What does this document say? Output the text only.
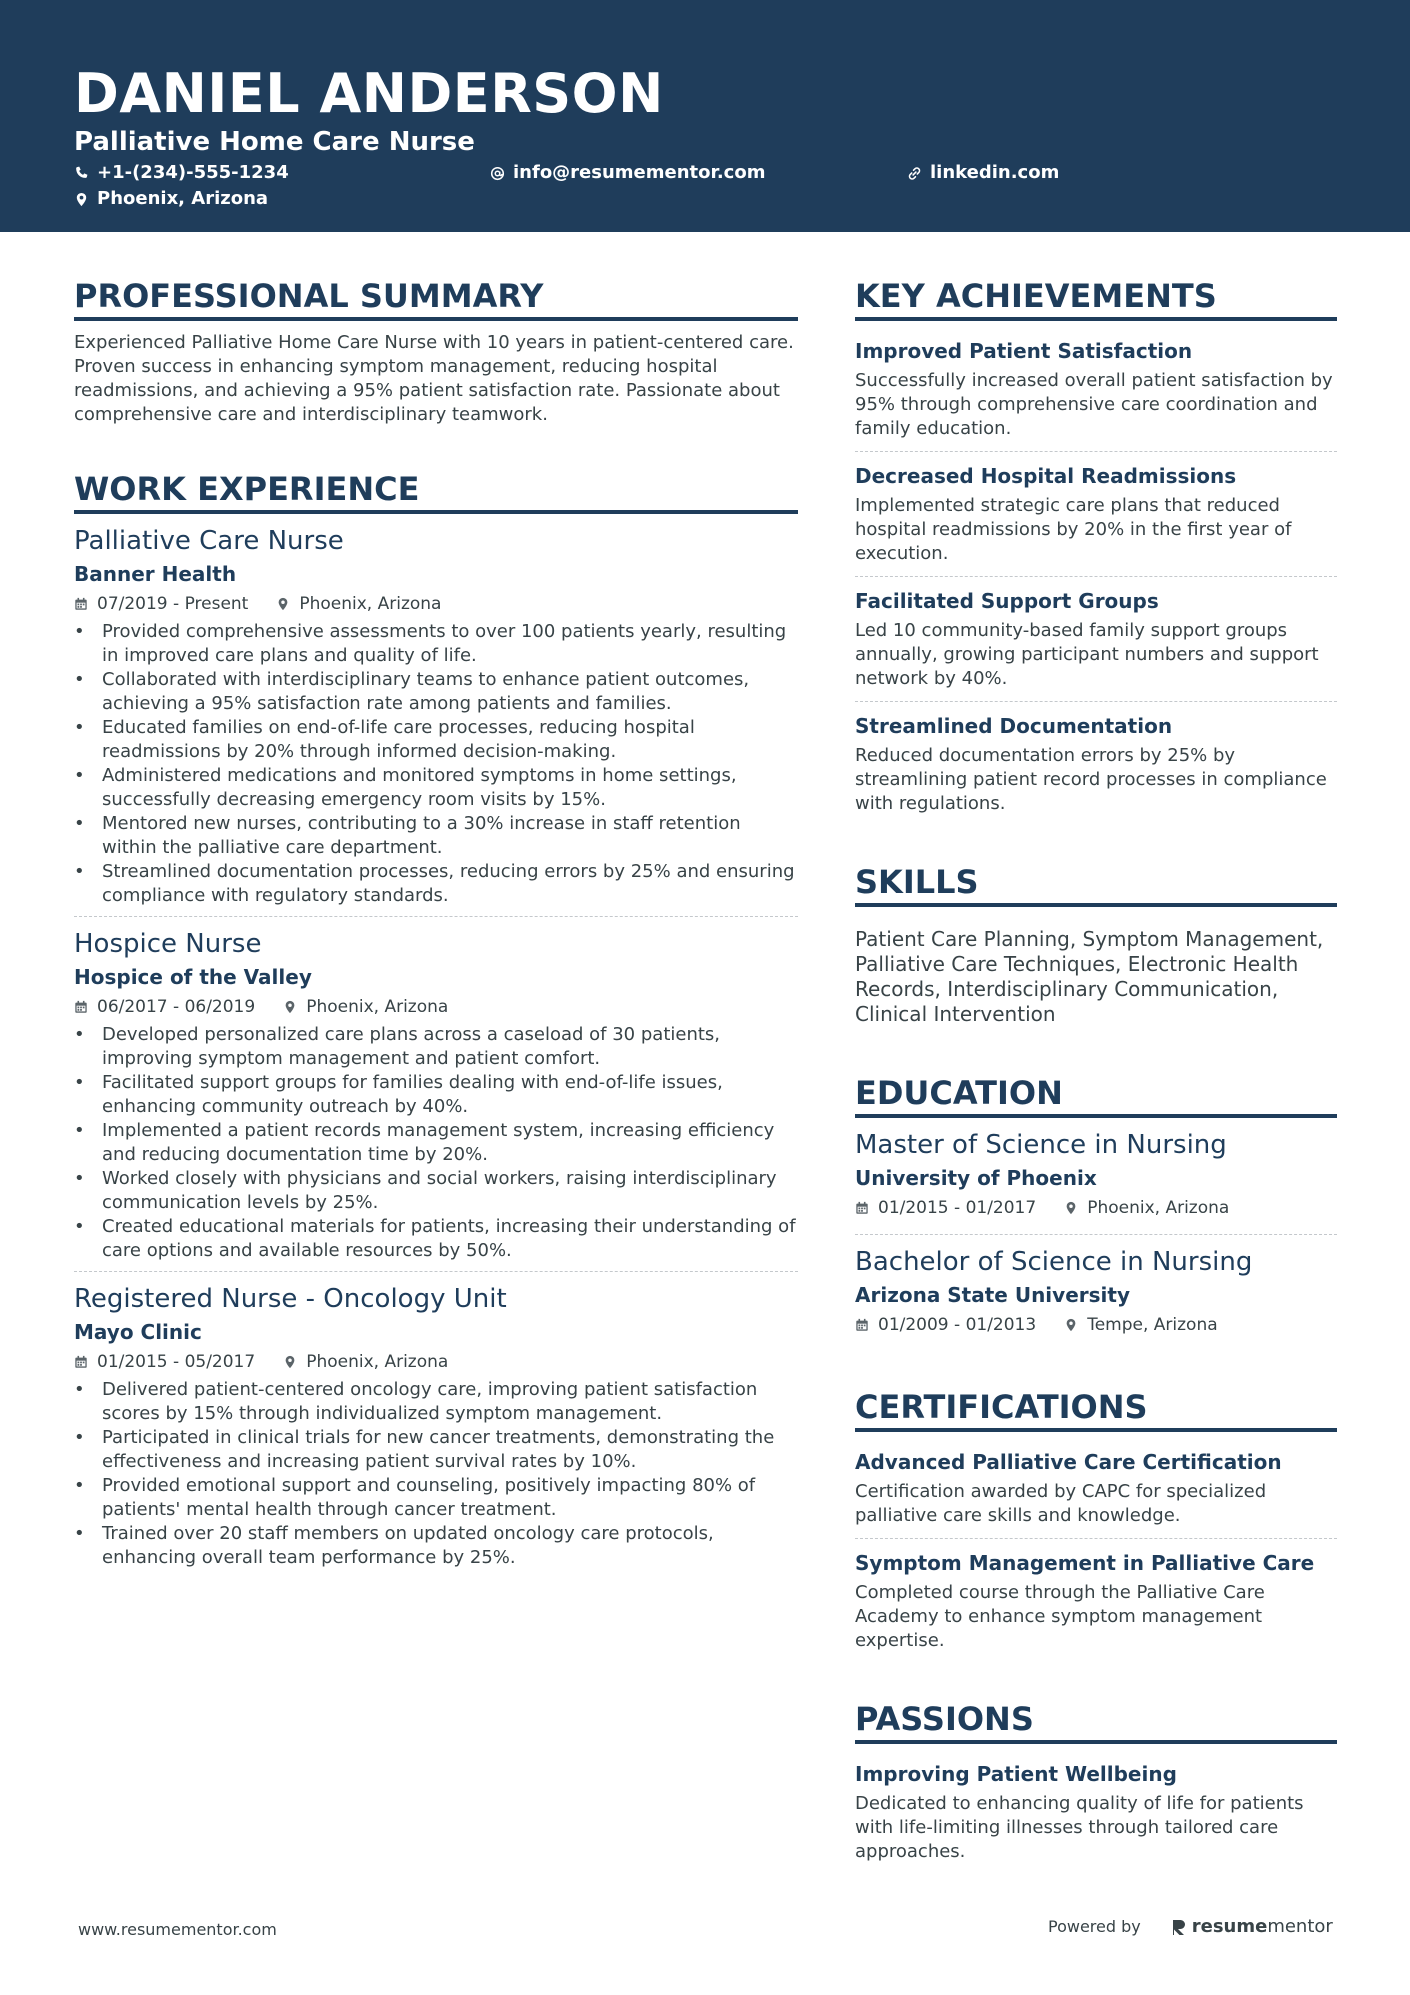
DANIEL ANDERSON
Palliative Home Care Nurse
+1-(234)-555-1234	info@resumementor.com	linkedin.com
Phoenix, Arizona
PROFESSIONAL SUMMARY
Experienced Palliative Home Care Nurse with 10 years in patient-centered care. Proven success in enhancing symptom management, reducing hospital readmissions, and achieving a 95% patient satisfaction rate. Passionate about comprehensive care and interdisciplinary teamwork.
WORK EXPERIENCE
Palliative Care Nurse
Banner Health
07/2019 - Present	Phoenix, Arizona
• Provided comprehensive assessments to over 100 patients yearly, resulting in improved care plans and quality of life.
• Collaborated with interdisciplinary teams to enhance patient outcomes, achieving a 95% satisfaction rate among patients and families.
• Educated families on end-of-life care processes, reducing hospital readmissions by 20% through informed decision-making.
• Administered medications and monitored symptoms in home settings, successfully decreasing emergency room visits by 15%.
• Mentored new nurses, contributing to a 30% increase in staff retention within the palliative care department.
• Streamlined documentation processes, reducing errors by 25% and ensuring compliance with regulatory standards.
Hospice Nurse
Hospice of the Valley
06/2017 - 06/2019	Phoenix, Arizona
• Developed personalized care plans across a caseload of 30 patients, improving symptom management and patient comfort.
• Facilitated support groups for families dealing with end-of-life issues, enhancing community outreach by 40%.
• Implemented a patient records management system, increasing efficiency and reducing documentation time by 20%.
• Worked closely with physicians and social workers, raising interdisciplinary communication levels by 25%.
• Created educational materials for patients, increasing their understanding of care options and available resources by 50%.
Registered Nurse - Oncology Unit
Mayo Clinic
01/2015 - 05/2017	Phoenix, Arizona
• Delivered patient-centered oncology care, improving patient satisfaction scores by 15% through individualized symptom management.
• Participated in clinical trials for new cancer treatments, demonstrating the effectiveness and increasing patient survival rates by 10%.
• Provided emotional support and counseling, positively impacting 80% of patients' mental health through cancer treatment.
• Trained over 20 staff members on updated oncology care protocols, enhancing overall team performance by 25%.
KEY ACHIEVEMENTS
Improved Patient Satisfaction
Successfully increased overall patient satisfaction by 95% through comprehensive care coordination and family education.
Decreased Hospital Readmissions
Implemented strategic care plans that reduced hospital readmissions by 20% in the first year of execution.
Facilitated Support Groups
Led 10 community-based family support groups annually, growing participant numbers and support network by 40%.
Streamlined Documentation
Reduced documentation errors by 25% by streamlining patient record processes in compliance with regulations.
SKILLS
Patient Care Planning, Symptom Management, Palliative Care Techniques, Electronic Health Records, Interdisciplinary Communication, Clinical Intervention
EDUCATION
Master of Science in Nursing
University of Phoenix
01/2015 - 01/2017	Phoenix, Arizona
Bachelor of Science in Nursing
Arizona State University
01/2009 - 01/2013	Tempe, Arizona
CERTIFICATIONS
Advanced Palliative Care Certification
Certification awarded by CAPC for specialized palliative care skills and knowledge.
Symptom Management in Palliative Care
Completed course through the Palliative Care Academy to enhance symptom management expertise.
PASSIONS
Improving Patient Wellbeing
Dedicated to enhancing quality of life for patients with life-limiting illnesses through tailored care approaches.
www.resumementor.com	Powered by	resume mentor
